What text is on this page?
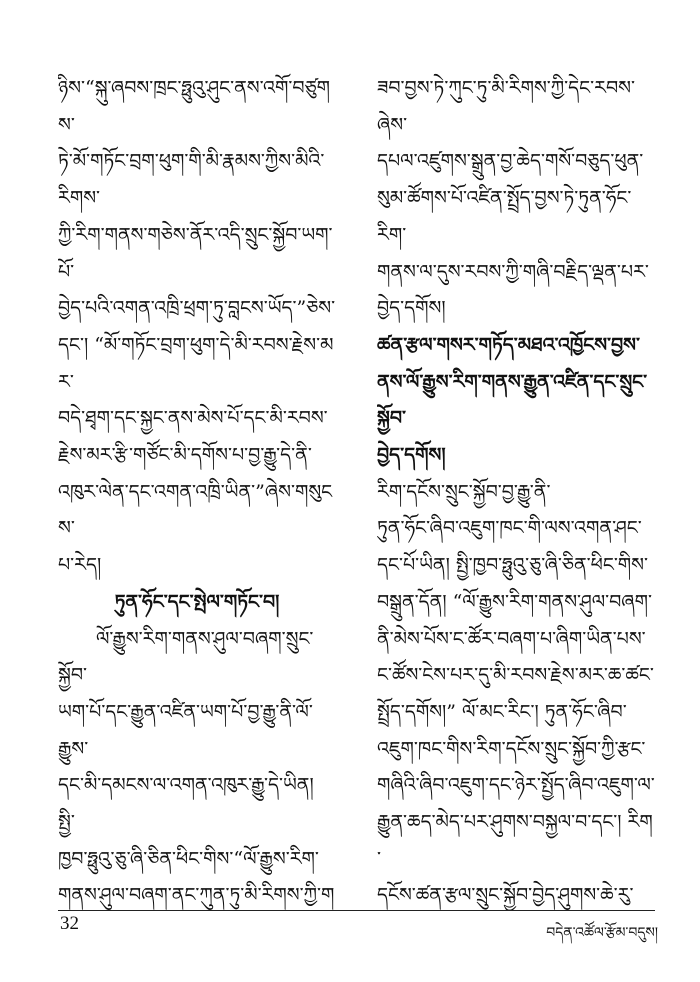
ཉིས་“སྐུ་ཞབས་ཁྲང་ཧྥུའུ་ཤུང་ནས་འགོ་བཙུགས་
ཏེ་མོ་གཏོང་བྲག་ཕུག་གི་མི་རྣམས་ཀྱིས་མིའི་རིགས་
ཀྱི་རིག་གནས་གཅེས་ནོར་འདི་སྲུང་སྐྱོབ་ཡག་པོ་
བྱེད་པའི་འགན་འཁྲི་ཕྲག་ཏུ་བླངས་ཡོད་”ཅེས་
དང་། “མོ་གཏོང་བྲག་ཕུག་དེ་མི་རབས་རྗེས་མར་
བདེ་ཐྭག་དང་སྐྱང་ནས་མེས་པོ་དང་མི་རབས་
རྗེས་མར་རྩི་གཙོང་མི་དགོས་པ་བྱ་རྒྱུ་དེ་ནི་
འཁུར་ལེན་དང་འགན་འཁྲི་ཡིན་”ཞེས་གསུངས་
པ་རེད།

ཏུན་ཧོང་དང་སྤེལ་གཏོང་བ།

　　ལོ་རྒྱུས་རིག་གནས་ཤུལ་བཞག་སྲུང་སྐྱོབ་
ཡག་པོ་དང་རྒྱུན་འཛིན་ཡག་པོ་བྱ་རྒྱུ་ནི་ལོ་རྒྱུས་
དང་མི་དམངས་ལ་འགན་འཁུར་རྒྱུ་དེ་ཡིན། སྤྱི་
ཁྱབ་ཧྥུའུ་ཅུ་ཞི་ཅིན་ཕིང་གིས་“ལོ་རྒྱུས་རིག་
གནས་ཤུལ་བཞག་ནང་ཀུན་ཏུ་མི་རིགས་ཀྱི་ག

ཟབ་བྱས་ཏེ་ཀུང་ཏུ་མི་རིགས་ཀྱི་དེང་རབས་ཞེས་
དཔལ་འཛུགས་སྒྲུན་བྱ་ཆེད་གསོ་བཅུད་ཕུན་
སུམ་ཚོགས་པོ་འཛིན་སྤྲོད་བྱས་ཏེ་ཏུན་ཧོང་རིག་
གནས་ལ་དུས་རབས་ཀྱི་གཞི་བརྗིད་ལྡན་པར་
བྱེད་དགོས།

ཚན་རྩལ་གསར་གཏོད་མཐའ་འཁྱོངས་བྱས་
ནས་ལོ་རྒྱུས་རིག་གནས་རྒྱུན་འཛིན་དང་སྲུང་སྐྱོབ་
བྱེད་དགོས།

རིག་དངོས་སྲུང་སྐྱོབ་བྱ་རྒྱུ་ནི་
ཏུན་ཧོང་ཞིབ་འཇུག་ཁང་གི་ལས་འགན་ཤང་
དང་པོ་ཡིན། སྤྱི་ཁྱབ་ཧྥུའུ་ཅུ་ཞི་ཅིན་ཕིང་གིས་
བསྒྲུན་དོན། “ལོ་རྒྱུས་རིག་གནས་ཤུལ་བཞག་
ནི་མེས་པོས་ང་ཚོར་བཞག་པ་ཞིག་ཡིན་པས་
ང་ཚོས་ངེས་པར་དུ་མི་རབས་རྗེས་མར་ཆ་ཚང་
སྤྲོད་དགོས།” ལོ་མང་རིང་། ཏུན་ཧོང་ཞིབ་
འཇུག་ཁང་གིས་རིག་དངོས་སྲུང་སྐྱོབ་ཀྱི་རྩང་
གཞིའི་ཞིབ་འཇུག་དང་ཉེར་སྤྱོད་ཞིབ་འཇུག་ལ་
རྒྱུན་ཆད་མེད་པར་ཤུགས་བསྐྱལ་བ་དང་། རིག་
དངོས་ཚན་རྩལ་སྲུང་སྐྱོབ་བྱེད་ཤུགས་ཆེ་རུ་

32	བདེན་འཚོལ་རྩོམ་བདུས།
